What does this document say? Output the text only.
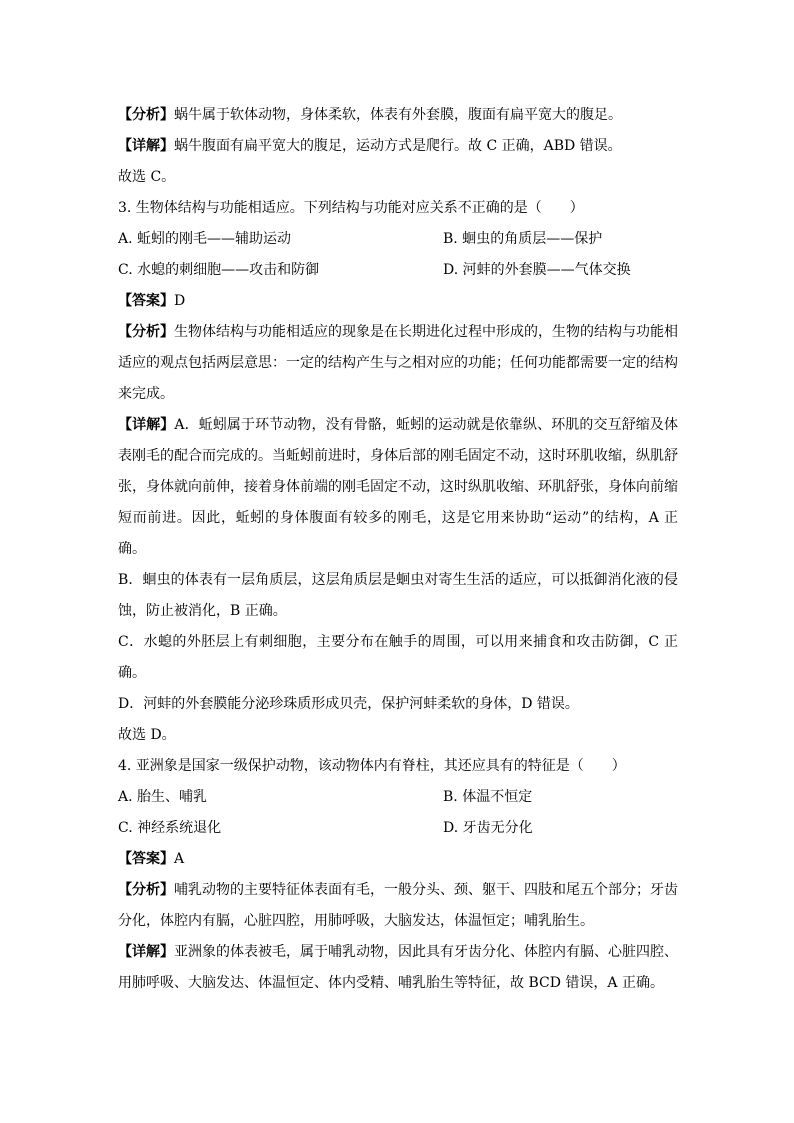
【分析】蜗牛属于软体动物，身体柔软，体表有外套膜，腹面有扁平宽大的腹足。
【详解】蜗牛腹面有扁平宽大的腹足，运动方式是爬行。故 C 正确，ABD 错误。
故选 C。
3. 生物体结构与功能相适应。下列结构与功能对应关系不正确的是（　　）
A. 蚯蚓的刚毛——辅助运动	B. 蛔虫的角质层——保护
C. 水螅的刺细胞——攻击和防御	D. 河蚌的外套膜——气体交换
【答案】D
【分析】生物体结构与功能相适应的现象是在长期进化过程中形成的，生物的结构与功能相适应的观点包括两层意思：一定的结构产生与之相对应的功能；任何功能都需要一定的结构来完成。
【详解】A．蚯蚓属于环节动物，没有骨骼，蚯蚓的运动就是依靠纵、环肌的交互舒缩及体表刚毛的配合而完成的。当蚯蚓前进时，身体后部的刚毛固定不动，这时环肌收缩，纵肌舒张，身体就向前伸，接着身体前端的刚毛固定不动，这时纵肌收缩、环肌舒张，身体向前缩短而前进。因此，蚯蚓的身体腹面有较多的刚毛，这是它用来协助“运动”的结构，A 正确。
B．蛔虫的体表有一层角质层，这层角质层是蛔虫对寄生生活的适应，可以抵御消化液的侵蚀，防止被消化，B 正确。
C．水螅的外胚层上有刺细胞，主要分布在触手的周围，可以用来捕食和攻击防御，C 正确。
D．河蚌的外套膜能分泌珍珠质形成贝壳，保护河蚌柔软的身体，D 错误。
故选 D。
4. 亚洲象是国家一级保护动物，该动物体内有脊柱，其还应具有的特征是（　　）
A. 胎生、哺乳	B. 体温不恒定
C. 神经系统退化	D. 牙齿无分化
【答案】A
【分析】哺乳动物的主要特征体表面有毛，一般分头、颈、躯干、四肢和尾五个部分；牙齿分化，体腔内有膈，心脏四腔，用肺呼吸，大脑发达，体温恒定；哺乳胎生。
【详解】亚洲象的体表被毛，属于哺乳动物，因此具有牙齿分化、体腔内有膈、心脏四腔、用肺呼吸、大脑发达、体温恒定、体内受精、哺乳胎生等特征，故 BCD 错误，A 正确。
